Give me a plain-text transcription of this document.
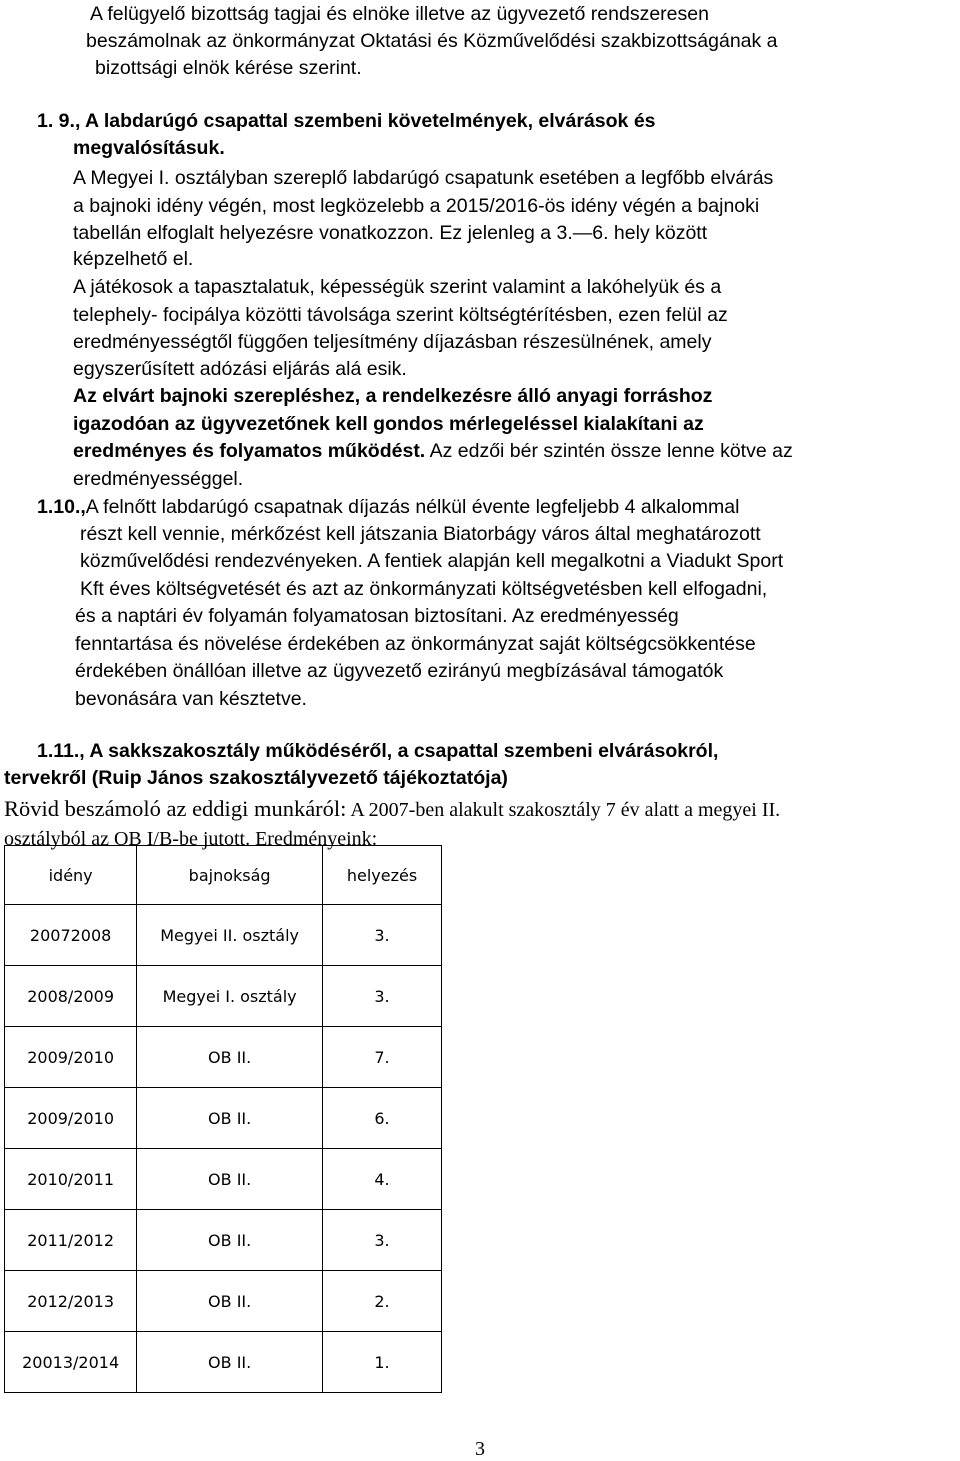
A felügyelő bizottság tagjai és elnöke illetve az ügyvezető rendszeresen
beszámolnak az önkormányzat Oktatási és Közművelődési szakbizottságának a
bizottsági elnök kérése szerint.
1. 9., A labdarúgó csapattal szembeni követelmények, elvárások és
megvalósításuk.
A Megyei I. osztályban szereplő labdarúgó csapatunk esetében a legfőbb elvárás
a bajnoki idény végén, most legközelebb a 2015/2016-ös idény végén a bajnoki
tabellán elfoglalt helyezésre vonatkozzon. Ez jelenleg a 3.—6. hely között
képzelhető el.
A játékosok a tapasztalatuk, képességük szerint valamint a lakóhelyük és a
telephely- focipálya közötti távolsága szerint költségtérítésben, ezen felül az
eredményességtől függően teljesítmény díjazásban részesülnének, amely
egyszerűsített adózási eljárás alá esik.
Az elvárt bajnoki szerepléshez, a rendelkezésre álló anyagi forráshoz
igazodóan az ügyvezetőnek kell gondos mérlegeléssel kialakítani az
eredményes és folyamatos működést. Az edzői bér szintén össze lenne kötve az
eredményességgel.
1.10.,A felnőtt labdarúgó csapatnak díjazás nélkül évente legfeljebb 4 alkalommal
részt kell vennie, mérkőzést kell játszania Biatorbágy város által meghatározott
közművelődési rendezvényeken. A fentiek alapján kell megalkotni a Viadukt Sport
Kft éves költségvetését és azt az önkormányzati költségvetésben kell elfogadni,
és a naptári év folyamán folyamatosan biztosítani. Az eredményesség
fenntartása és növelése érdekében az önkormányzat saját költségcsökkentése
érdekében önállóan illetve az ügyvezető ezirányú megbízásával támogatók
bevonására van késztetve.
1.11., A sakkszakosztály működéséről, a csapattal szembeni elvárásokról,
tervekről (Ruip János szakosztályvezető tájékoztatója)
Rövid beszámoló az eddigi munkáról: A 2007-ben alakult szakosztály 7 év alatt a megyei II.
osztályból az OB I/B-be jutott. Eredményeink:
idény	bajnokság	helyezés
20072008	Megyei II. osztály	3.
2008/2009	Megyei I. osztály	3.
2009/2010	OB II.	7.
2009/2010	OB II.	6.
2010/2011	OB II.	4.
2011/2012	OB II.	3.
2012/2013	OB II.	2.
20013/2014	OB II.	1.
3
